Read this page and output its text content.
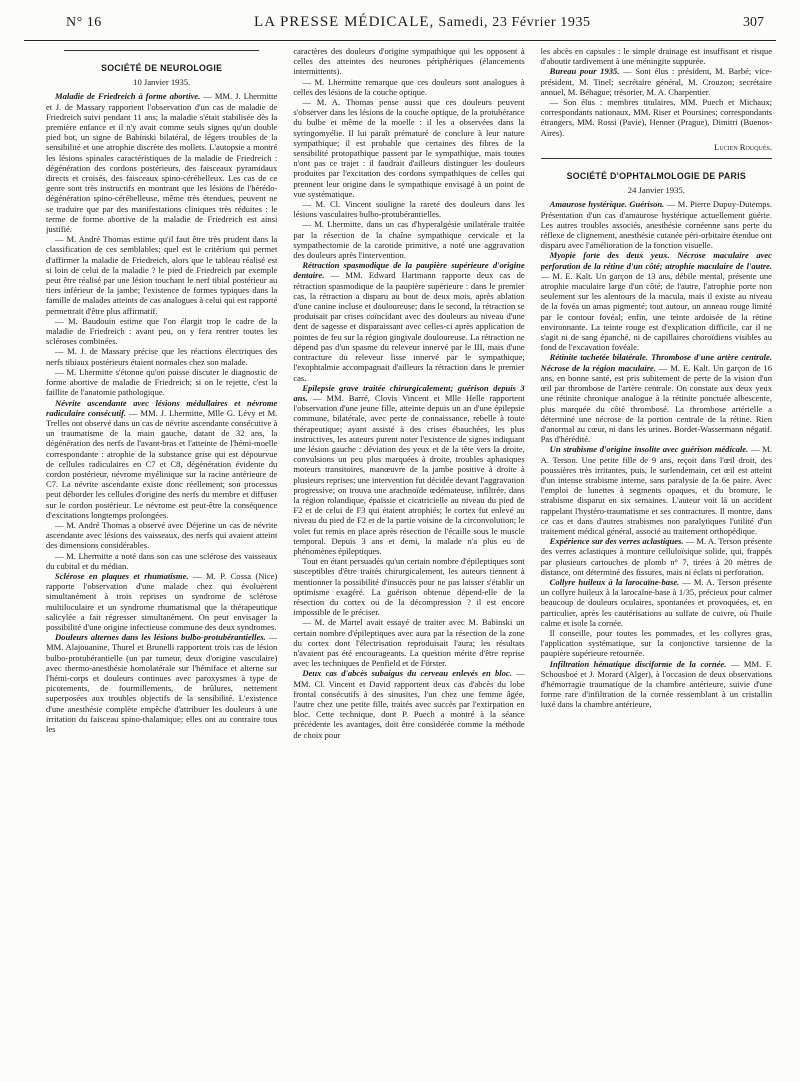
N° 16	LA PRESSE MÉDICALE, Samedi, 23 Février 1935	307
SOCIÉTÉ DE NEUROLOGIE
10 Janvier 1935.

Maladie de Friedreich à forme abortive. — MM. J. Lhermitte et J. de Massary rapportent l'observation d'un cas de maladie de Friedreich suivi pendant 11 ans; la maladie s'était stabilisée dès la première enfance et il n'y avait comme seuls signes qu'un double pied bot, un signe de Babinski bilatéral, de légers troubles de la sensibilité et une atrophie discrète des mollets. L'autopsie a montré les lésions spinales caractéristiques de la maladie de Friedreich : dégénération des cordons postérieurs, des faisceaux pyramidaux directs et croisés, des faisceaux spino-cérébelleux. Les cas de ce genre sont très instructifs en montrant que les lésions de l'hérédo-dégénération spino-cérébelleuse, même très étendues, peuvent ne se traduire que par des manifestations cliniques très réduites : le terme de forme abortive de la maladie de Friedreich est ainsi justifié.

— M. André Thomas estime qu'il faut être très prudent dans la classification de ces semblables; quel est le critérium qui permet d'affirmer la maladie de Friedreich, alors que le tableau réalisé est si loin de celui de la maladie ? le pied de Friedreich par exemple peut être réalisé par une lésion touchant le nerf tibial postérieur au tiers inférieur de la jambe; l'existence de formes typiques dans la famille de malades atteints de cas analogues à celui qui est rapporté permettrait d'être plus affirmatif.

— M. Baudouin estime que l'on élargit trop le cadre de la maladie de Friedreich : avant peu, on y fera rentrer toutes les scléroses combinées.

— M. J. de Massary précise que les réactions électriques des nerfs tibiaux postérieurs étaient normales chez son malade.

— M. Lhermitte s'étonne qu'on puisse discuter le diagnostic de forme abortive de maladie de Friedreich; si on le rejette, c'est la faillite de l'anatomie pathologique.

Névrite ascendante avec lésions médullaires et névrome radiculaire consécutif. — MM. J. Lhermitte, Mlle G. Lévy et M. Trelles ont observé dans un cas de névrite ascendante consécutive à un traumatisme de la main gauche, datant de 32 ans, la dégénération des nerfs de l'avant-bras et l'atteinte de l'hémi-moelle correspondante : atrophie de la substance grise qui est dépourvue de cellules radiculaires en C7 et C8, dégénération évidente du cordon postérieur, névrome myélinique sur la racine antérieure de C7. La névrite ascendante existe donc réellement; son processus peut déborder les cellules d'origine des nerfs du membre et diffuser sur le cordon postérieur. Le névrome est peut-être la conséquence d'excitations longtemps prolongées.

— M. André Thomas a observé avec Déjerine un cas de névrite ascendante avec lésions des vaisseaux, des nerfs qui avaient atteint des dimensions considérables.

— M. Lhermitte a noté dans son cas une sclérose des vaisseaux du cubital et du médian.

Sclérose en plaques et rhumatisme. — M. P. Cossa (Nice) rapporte l'observation d'une malade chez qui évoluèrent simultanément à trois reprises un syndrome de sclérose multiloculaire et un syndrome rhumatismal que la thérapeutique salicylée a fait régresser simultanément. On peut envisager la possibilité d'une origine infectieuse commune des deux syndromes.

Douleurs alternes dans les lésions bulbo-protubérantielles. — MM. Alajouanine, Thurel et Brunelli rapportent trois cas de lésion bulbo-protubérantielle (un par tumeur, deux d'origine vasculaire) avec thermo-anesthésie homolatérale sur l'hémiface et alterne sur l'hémi-corps et douleurs continues avec paroxysmes à type de picotements, de fourmillements, de brûlures, nettement superposées aux troubles objectifs de la sensibilité. L'existence d'une anesthésie complète empêche d'attribuer les douleurs à une irritation du faisceau spino-thalamique; elles ont au contraire tous les

caractères des douleurs d'origine sympathique qui les opposent à celles des atteintes des neurones périphériques (élancements intermittents).

— M. Lhermitte remarque que ces douleurs sont analogues à celles des lésions de la couche optique.

— M. A. Thomas pense aussi que ces douleurs peuvent s'observer dans les lésions de la couche optique, de la protubérance du bulbe et même de la moelle : il les a observées dans la syringomyélie. Il lui paraît prématuré de conclure à leur nature sympathique; il est probable que certaines des fibres de la sensibilité protopathique passent par le sympathique, mais toutes n'ont pas ce trajet : il faudrait d'ailleurs distinguer les douleurs produites par l'excitation des cordons sympathiques de celles qui prennent leur origine dans le sympathique envisagé à un point de vue systématique.

— M. Cl. Vincent souligne la rareté des douleurs dans les lésions vasculaires bulbo-protubérantielles.

— M. Lhermitte, dans un cas d'hyperalgésie unilatérale traitée par la résection de la chaîne sympathique cervicale et la sympathectomie de la carotide primitive, a noté une aggravation des douleurs après l'intervention.

Rétraction spasmodique de la paupière supérieure d'origine dentaire. — MM. Edward Hartmann rapporte deux cas de rétraction spasmodique de la paupière supérieure : dans le premier cas, la rétraction a disparu au bout de deux mois, après ablation d'une canine incluse et douloureuse; dans le second, la rétraction se produisait par crises coïncidant avec des douleurs au niveau d'une dent de sagesse et disparaissant avec celles-ci après application de pointes de feu sur la région gingivale douloureuse. La rétraction ne dépend pas d'un spasme du releveur innervé par le III, mais d'une contracture du releveur lisse innervé par le sympathique; l'exophtalmie accompagnait d'ailleurs la rétraction dans le premier cas.

Epilepsie grave traitée chirurgicalement; guérison depuis 3 ans. — MM. Barré, Clovis Vincent et Mlle Helle rapportent l'observation d'une jeune fille, atteinte depuis un an d'une épilepsie commune, bilatérale, avec perte de connaissance, rebelle à toute thérapeutique; ayant assisté à des crises ébauchées, les plus instructives, les auteurs purent noter l'existence de signes indiquant une lésion gauche : déviation des yeux et de la tête vers la droite, convulsions un peu plus marquées à droite, troubles aphasiques moteurs transitoires, manœuvre de la jambe positive à droite à plusieurs reprises; une intervention fut décidée devant l'aggravation progressive; on trouva une arachnoïde œdémateuse, infiltrée, dans la région rolandique, épaissie et cicatricielle au niveau du pied de F2 et de celui de F3 qui étaient atrophiés; le cortex fut enlevé au niveau du pied de F2 et de la partie voisine de la circonvolution; le volet fut remis en place après résection de l'écaille sous le muscle temporal. Depuis 3 ans et demi, la malade n'a plus eu de phénomènes épileptiques.

Tout en étant persuadés qu'un certain nombre d'épileptiques sont susceptibles d'être traités chirurgicalement, les auteurs tiennent à mentionner la possibilité d'insuccès pour ne pas laisser s'établir un optimisme exagéré. La guérison obtenue dépend-elle de la résection du cortex ou de la décompression ? il est encore impossible de le préciser.

— M. de Martel avait essayé de traiter avec M. Babinski un certain nombre d'épileptiques avec aura par la résection de la zone du cortex dont l'électrisation reproduisait l'aura; les résultats n'avaient pas été encourageants. La question mérite d'être reprise avec les techniques de Penfield et de Förster.

Deux cas d'abcès subaigus du cerveau enlevés en bloc. — MM. Cl. Vincent et David rapportent deux cas d'abcès du lobe frontal consécutifs à des sinusites, l'un chez une femme âgée, l'autre chez une petite fille, traités avec succès par l'extirpation en bloc. Cette technique, dont P. Puech a montré à la séance précédente les avantages, doit être considérée comme la méthode de choix pour

les abcès en capsules : le simple drainage est insuffisant et risque d'aboutir tardivement à une méningite suppurée.

Bureau pour 1935. — Sont élus : président, M. Barbé; vice-président, M. Tinel; secrétaire général, M. Crouzon; secrétaire annuel, M. Béhague; trésorier, M. A. Charpentier.

— Son élus : membres titulaires, MM. Puech et Michaux; correspondants nationaux, MM. Riser et Poursines; correspondants étrangers, MM. Rossi (Pavie), Henner (Prague), Dimitri (Buenos-Aires).

Lucien Rouquès.
SOCIÉTÉ D'OPHTALMOLOGIE DE PARIS
24 Janvier 1935.

Amaurose hystérique. Guérison. — M. Pierre Dupuy-Dutemps. Présentation d'un cas d'amaurose hystérique actuellement guérie. Les autres troubles associés, anesthésie cornéenne sans perte du réflexe de clignement, anesthésie cutanée péri-orbitaire étendue ont disparu avec l'amélioration de la fonction visuelle.

Myopie forte des deux yeux. Nécrose maculaire avec perforation de la rétine d'un côté; atrophie maculaire de l'autre. — M. E. Kalt. Un garçon de 13 ans, débile mental, présente une atrophie maculaire large d'un côté; de l'autre, l'atrophie porte non seulement sur les alentours de la macula, mais il existe au niveau de la fovéa un amas pigmenté; tout autour, un anneau rouge limité par le contour fovéal; enfin, une teinte ardoisée de la rétine environnante. La teinte rouge est d'explication difficile, car il ne s'agit ni de sang épanché, ni de capillaires choroïdiens visibles au fond de l'excavation fovéale.

Rétinite tachetée bilatérale. Thrombose d'une artère centrale. Nécrose de la région maculaire. — M. E. Kalt. Un garçon de 16 ans, en bonne santé, est pris subitement de perte de la vision d'un œil par thrombose de l'artère centrale. On constate aux deux yeux une rétinite chronique analogue à la rétinite ponctuée albescente, plus marquée du côté thrombosé. La thrombose artérielle a déterminé une nécrose de la portion centrale de la rétine. Rien d'anormal au cœur, ni dans les urines. Bordet-Wassermann négatif. Pas d'hérédité.

Un strabisme d'origine insolite avec guérison médicale. — M. A. Terson. Une petite fille de 9 ans, reçoit dans l'œil droit, des poussières très irritantes, puis, le surlendemain, cet œil est atteint d'un intense strabisme interne, sans paralysie de la 6e paire. Avec l'emploi de lunettes à segments opaques, et du bromure, le strabisme disparut en six semaines. L'auteur voit là un accident rappelant l'hystéro-traumatisme et ses contractures. Il montre, dans ce cas et dans d'autres strabismes non paralytiques l'utilité d'un traitement médical général, associé au traitement orthopédique.

Expérience sur des verres aclastiques. — M. A. Terson présente des verres aclastiques à monture celluloïsique solide, qui, frappés par plusieurs cartouches de plomb n° 7, tirées à 20 mètres de distance, ont déterminé des fissures, mais ni éclats ni perforation.

Collyre huileux à la larocaïne-base. — M. A. Terson présente un collyre huileux à la larocaïne-base à 1/35, précieux pour calmer beaucoup de douleurs oculaires, spontanées et provoquées, et, en particulier, après les cautérisations au sulfate de cuivre, où l'huile calme et isole la cornée.

Il conseille, pour toutes les pommades, et les collyres gras, l'application systématique, sur la conjonctive tarsienne de la paupière supérieure retournée.

Infiltration hématique disciforme de la cornée. — MM. F. Schousboé et J. Morard (Alger), à l'occasion de deux observations d'hémorragie traumatique de la chambre antérieure, suivie d'une forme rare d'infiltration de la cornée ressemblant à un cristallin luxé dans la chambre antérieure,
